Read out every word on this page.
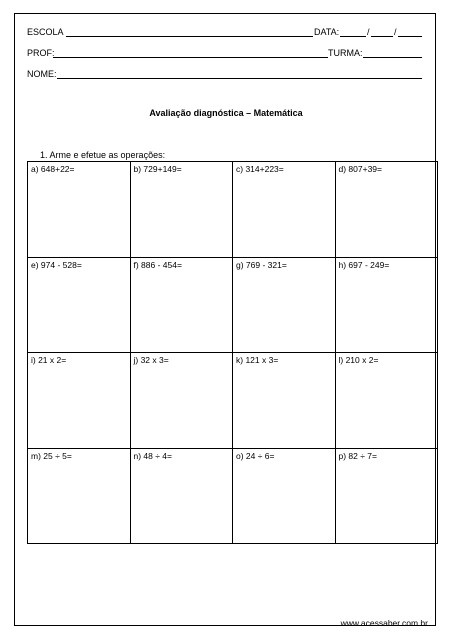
ESCOLA	DATA:	/	/
PROF:	TURMA:
NOME:
Avaliação diagnóstica – Matemática
1. Arme e efetue as operações:
a) 648+22=	b) 729+149=	c) 314+223=	d) 807+39=
e) 974 - 528=	f) 886 - 454=	g) 769 - 321=	h) 697 - 249=
i) 21 x 2=	j) 32 x 3=	k) 121 x 3=	l) 210 x 2=
m) 25 ÷ 5=	n) 48 ÷ 4=	o) 24 ÷ 6=	p) 82 ÷ 7=
www.acessaber.com.br
